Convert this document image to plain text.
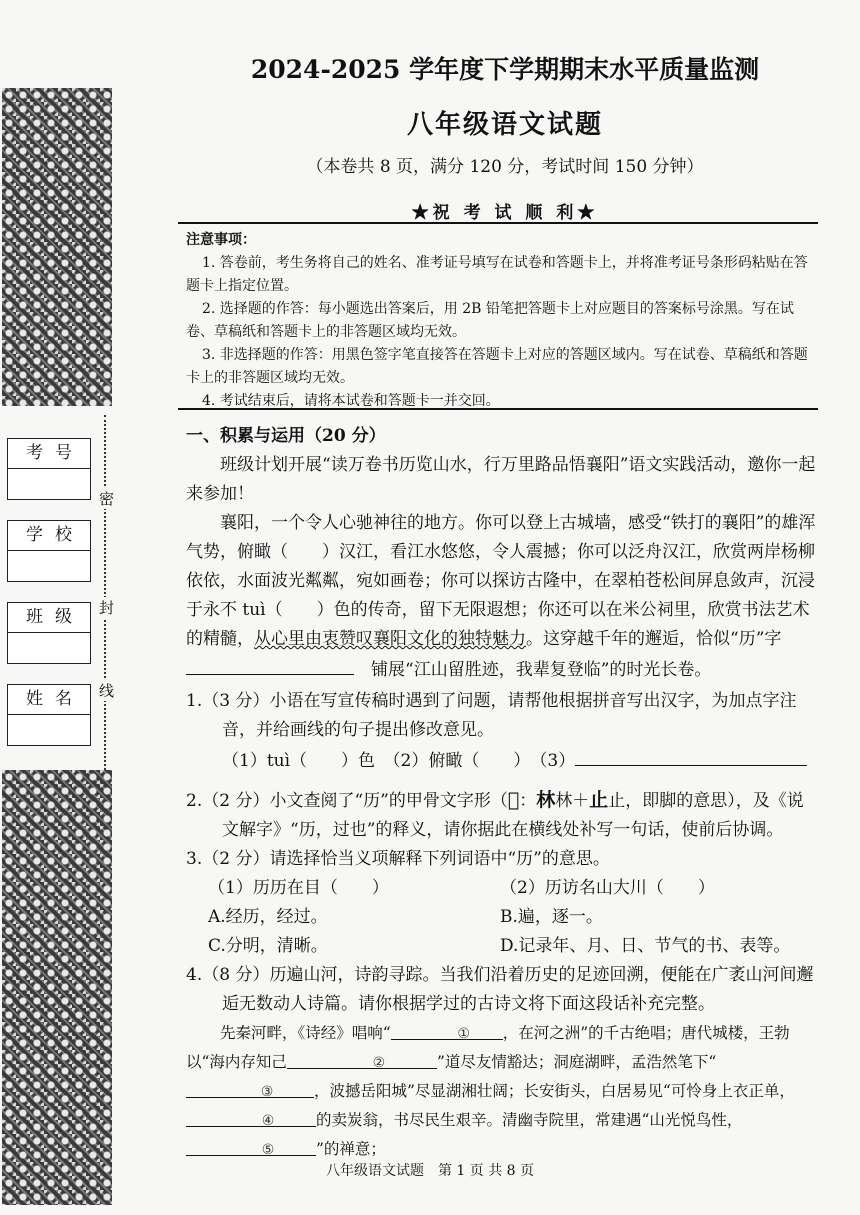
考号
学校
班级
姓名
密
封
线
2024-2025 学年度下学期期末水平质量监测
八年级语文试题
（本卷共 8 页，满分 120 分，考试时间 150 分钟）
★祝 考 试 顺 利★
注意事项：
1. 答卷前，考生务将自己的姓名、准考证号填写在试卷和答题卡上，并将准考证号条形码粘贴在答题卡上指定位置。
2. 选择题的作答：每小题选出答案后，用 2B 铅笔把答题卡上对应题目的答案标号涂黑。写在试卷、草稿纸和答题卡上的非答题区域均无效。
3. 非选择题的作答：用黑色签字笔直接答在答题卡上对应的答题区域内。写在试卷、草稿纸和答题卡上的非答题区域均无效。
4. 考试结束后，请将本试卷和答题卡一并交回。

一、积累与运用（20 分）

班级计划开展“读万卷书历览山水，行万里路品悟襄阳”语文实践活动，邀你一起来参加！

襄阳，一个令人心驰神往的地方。你可以登上古城墙，感受“铁打的襄阳”的雄浑气势，俯瞰（　　）汉江，看江水悠悠，令人震撼；你可以泛舟汉江，欣赏两岸杨柳依依，水面波光粼粼，宛如画卷；你可以探访古隆中，在翠柏苍松间屏息敛声，沉浸于永不 tuì（　　）色的传奇，留下无限遐想；你还可以在米公祠里，欣赏书法艺术的精髓，从心里由衷赞叹襄阳文化的独特魅力。这穿越千年的邂逅，恰似“历”字　铺展“江山留胜迹，我辈复登临”的时光长卷。

1.（3 分）小语在写宣传稿时遇到了问题，请帮他根据拼音写出汉字，为加点字注音，并给画线的句子提出修改意见。

（1）tuì（　　）色　 （2）俯瞰（　　）　 （3）

2.（2 分）小文查阅了“历”的甲骨文字形（𣥼：林林＋止止，即脚的意思），及《说文解字》“历，过也”的释义，请你据此在横线处补写一句话，使前后协调。

3.（2 分）请选择恰当义项解释下列词语中“历”的意思。

（1）历历在目（　　）	（2）历访名山大川（　　）

A.经历，经过。	B.遍，逐一。

C.分明，清晰。	D.记录年、月、日、节气的书、表等。

4.（8 分）历遍山河，诗韵寻踪。当我们沿着历史的足迹回溯，便能在广袤山河间邂逅无数动人诗篇。请你根据学过的古诗文将下面这段话补充完整。

先秦河畔，《诗经》唱响“	① ，在河之洲”的千古绝唱；唐代城楼，王勃以“海内存知己	②	”道尽友情豁达；洞庭湖畔，孟浩然笔下“③	，波撼岳阳城”尽显湖湘壮阔；长安街头，白居易见“可怜身上衣正单，④	的卖炭翁，书尽民生艰辛。清幽寺院里，常建遇“山光悦鸟性，⑤	”的禅意；

八年级语文试题　第 1 页 共 8 页
